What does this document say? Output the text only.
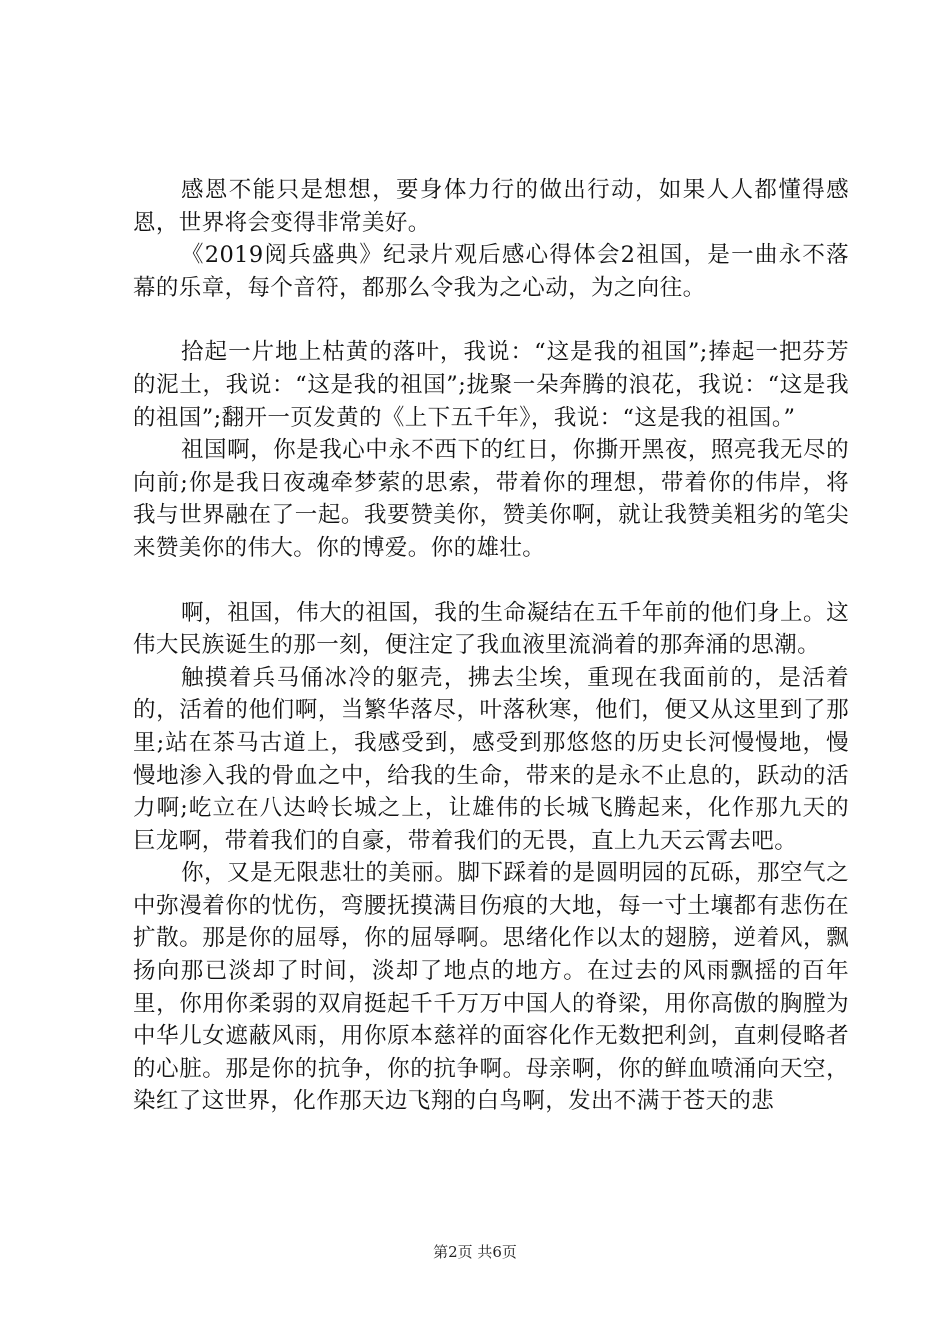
感恩不能只是想想，要身体力行的做出行动，如果人人都懂得感恩，世界将会变得非常美好。

《2019阅兵盛典》纪录片观后感心得体会2祖国，是一曲永不落幕的乐章，每个音符，都那么令我为之心动，为之向往。

拾起一片地上枯黄的落叶，我说：“这是我的祖国”;捧起一把芬芳的泥土，我说：“这是我的祖国”;拢聚一朵奔腾的浪花，我说：“这是我的祖国”;翻开一页发黄的《上下五千年》，我说：“这是我的祖国。”

祖国啊，你是我心中永不西下的红日，你撕开黑夜，照亮我无尽的向前;你是我日夜魂牵梦萦的思索，带着你的理想，带着你的伟岸，将我与世界融在了一起。我要赞美你，赞美你啊，就让我赞美粗劣的笔尖来赞美你的伟大。你的博爱。你的雄壮。

啊，祖国，伟大的祖国，我的生命凝结在五千年前的他们身上。这伟大民族诞生的那一刻，便注定了我血液里流淌着的那奔涌的思潮。

触摸着兵马俑冰冷的躯壳，拂去尘埃，重现在我面前的，是活着的，活着的他们啊，当繁华落尽，叶落秋寒，他们，便又从这里到了那里;站在茶马古道上，我感受到，感受到那悠悠的历史长河慢慢地，慢慢地渗入我的骨血之中，给我的生命，带来的是永不止息的，跃动的活力啊;屹立在八达岭长城之上，让雄伟的长城飞腾起来，化作那九天的巨龙啊，带着我们的自豪，带着我们的无畏，直上九天云霄去吧。

你，又是无限悲壮的美丽。脚下踩着的是圆明园的瓦砾，那空气之中弥漫着你的忧伤，弯腰抚摸满目伤痕的大地，每一寸土壤都有悲伤在扩散。那是你的屈辱，你的屈辱啊。思绪化作以太的翅膀，逆着风，飘扬向那已淡却了时间，淡却了地点的地方。在过去的风雨飘摇的百年里，你用你柔弱的双肩挺起千千万万中国人的脊梁，用你高傲的胸膛为中华儿女遮蔽风雨，用你原本慈祥的面容化作无数把利剑，直刺侵略者的心脏。那是你的抗争，你的抗争啊。母亲啊，你的鲜血喷涌向天空，染红了这世界，化作那天边飞翔的白鸟啊，发出不满于苍天的悲

第2页 共6页
